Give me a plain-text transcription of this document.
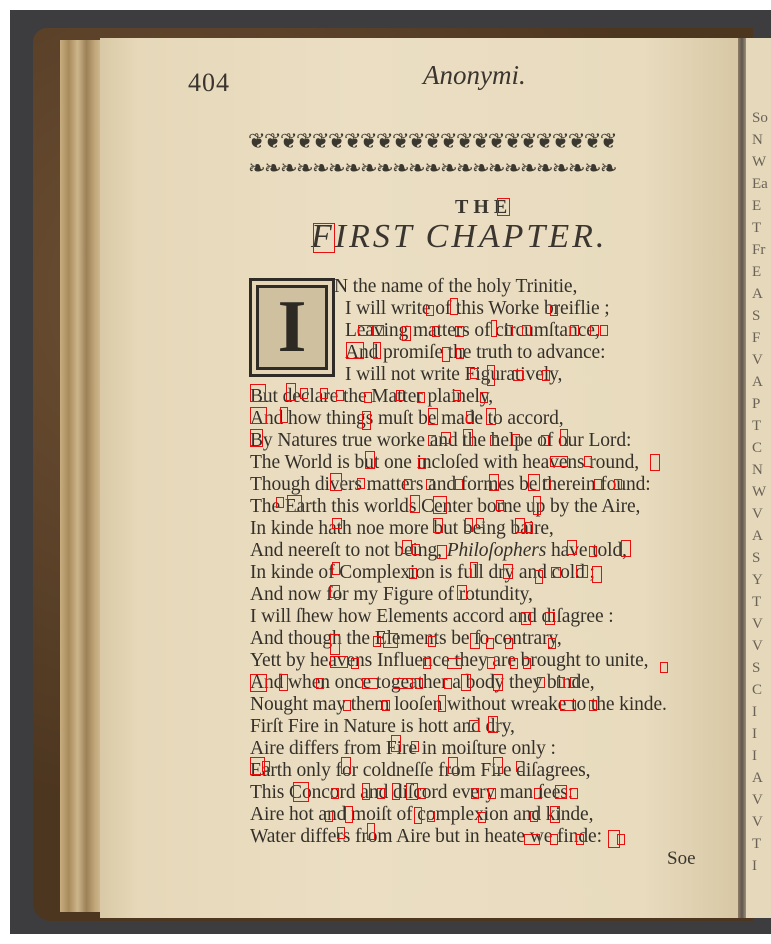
So
N
W
Ea
E
T
Fr
E
A
S
F
V
A
P
T
C
N
W
V
A
S
Y
T
V
V
S
C
I
I
I
A
V
V
T
I
404	Anonymi.
❦❦❦❦❦❦❦❦❦❦❦❦❦❦❦❦❦❦❦❦❦❦❦
❧❧❧❧❧❧❧❧❧❧❧❧❧❧❧❧❧❧❧❧❧❧❧
THE
FIRST CHAPTER.
I	N the name of the holy Trinitie,
I will write of this Worke breiflie ;
Leaving matters of circumſtance,
And promiſe the truth to advance:
I will not write Figuratively,
But declare the Matter plainely,
And how things muſt be made to accord,
By Natures true worke and the helpe of our Lord:
The World is but one incloſed with heavens round,
Though divers matters and formes be therein found:
The Earth this worlds Center borne up by the Aire,
In kinde hath noe more but being baire,
And neereſt to not being, Philoſophers have told,
In kinde of Complexion is full dry and cold ;
And now for my Figure of rotundity,
I will ſhew how Elements accord and diſagree :
And though the Elements be ſo contrary,
Yett by heavens Influence they are brought to unite,
And when once togeather a body they binde,
Nought may them looſen without wreake to the kinde.
Firſt Fire in Nature is hott and dry,
Aire differs from Fire in moiſture only :
Earth only for coldneſſe from Fire diſagrees,
This Concord and diſcord every man ſees:
Aire hot and moiſt of complexion and kinde,
Water differs from Aire but in heate we finde:
Soe
